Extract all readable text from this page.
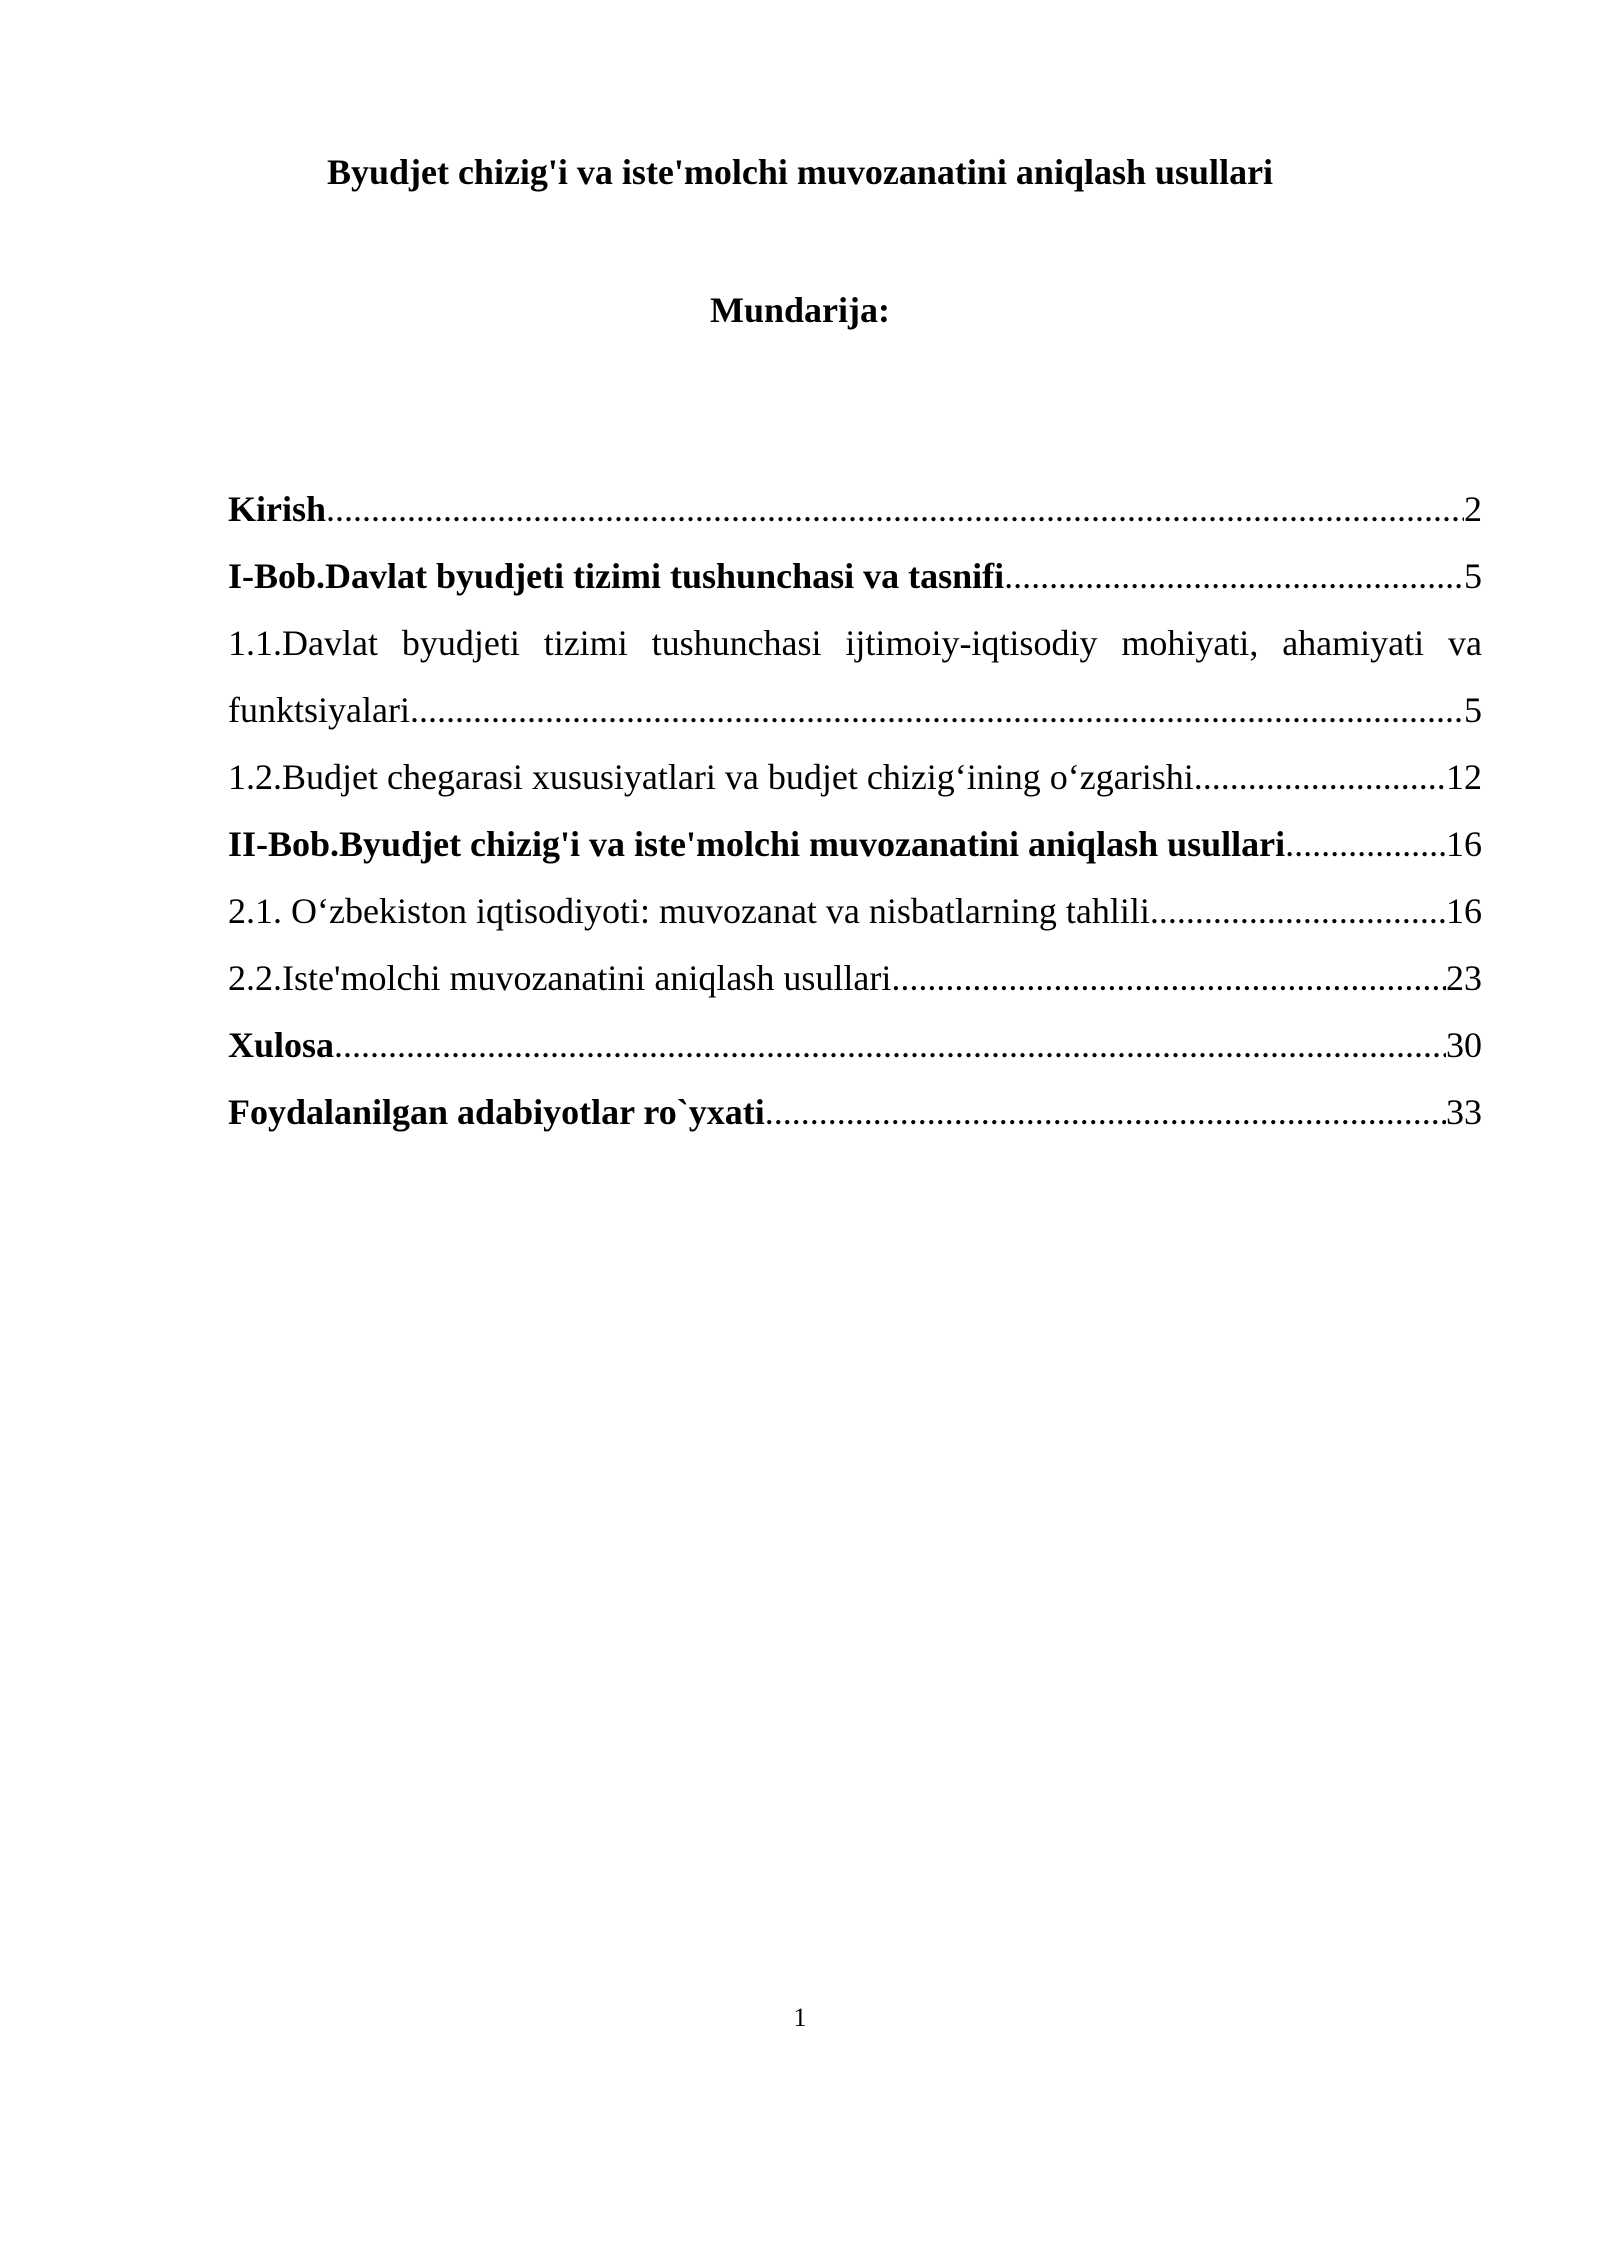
Byudjet chizig'i va iste'molchi muvozanatini aniqlash usullari
Mundarija:
Kirish .....	2
I-Bob.Davlat byudjeti tizimi tushunchasi va tasnifi .....	5
1.1.Davlat byudjeti tizimi tushunchasi ijtimoiy-iqtisodiy mohiyati, ahamiyati va
funktsiyalari .....	5
1.2.Budjet chegarasi xususiyatlari va budjet chizig‘ining o‘zgarishi .....	12
II-Bob.Byudjet chizig'i va iste'molchi muvozanatini aniqlash usullari .....	16
2.1. O‘zbekiston iqtisodiyoti: muvozanat va nisbatlarning tahlili .....	16
2.2.Iste'molchi muvozanatini aniqlash usullari .....	23
Xulosa .....	30
Foydalanilgan adabiyotlar ro`yxati .....	33
1
